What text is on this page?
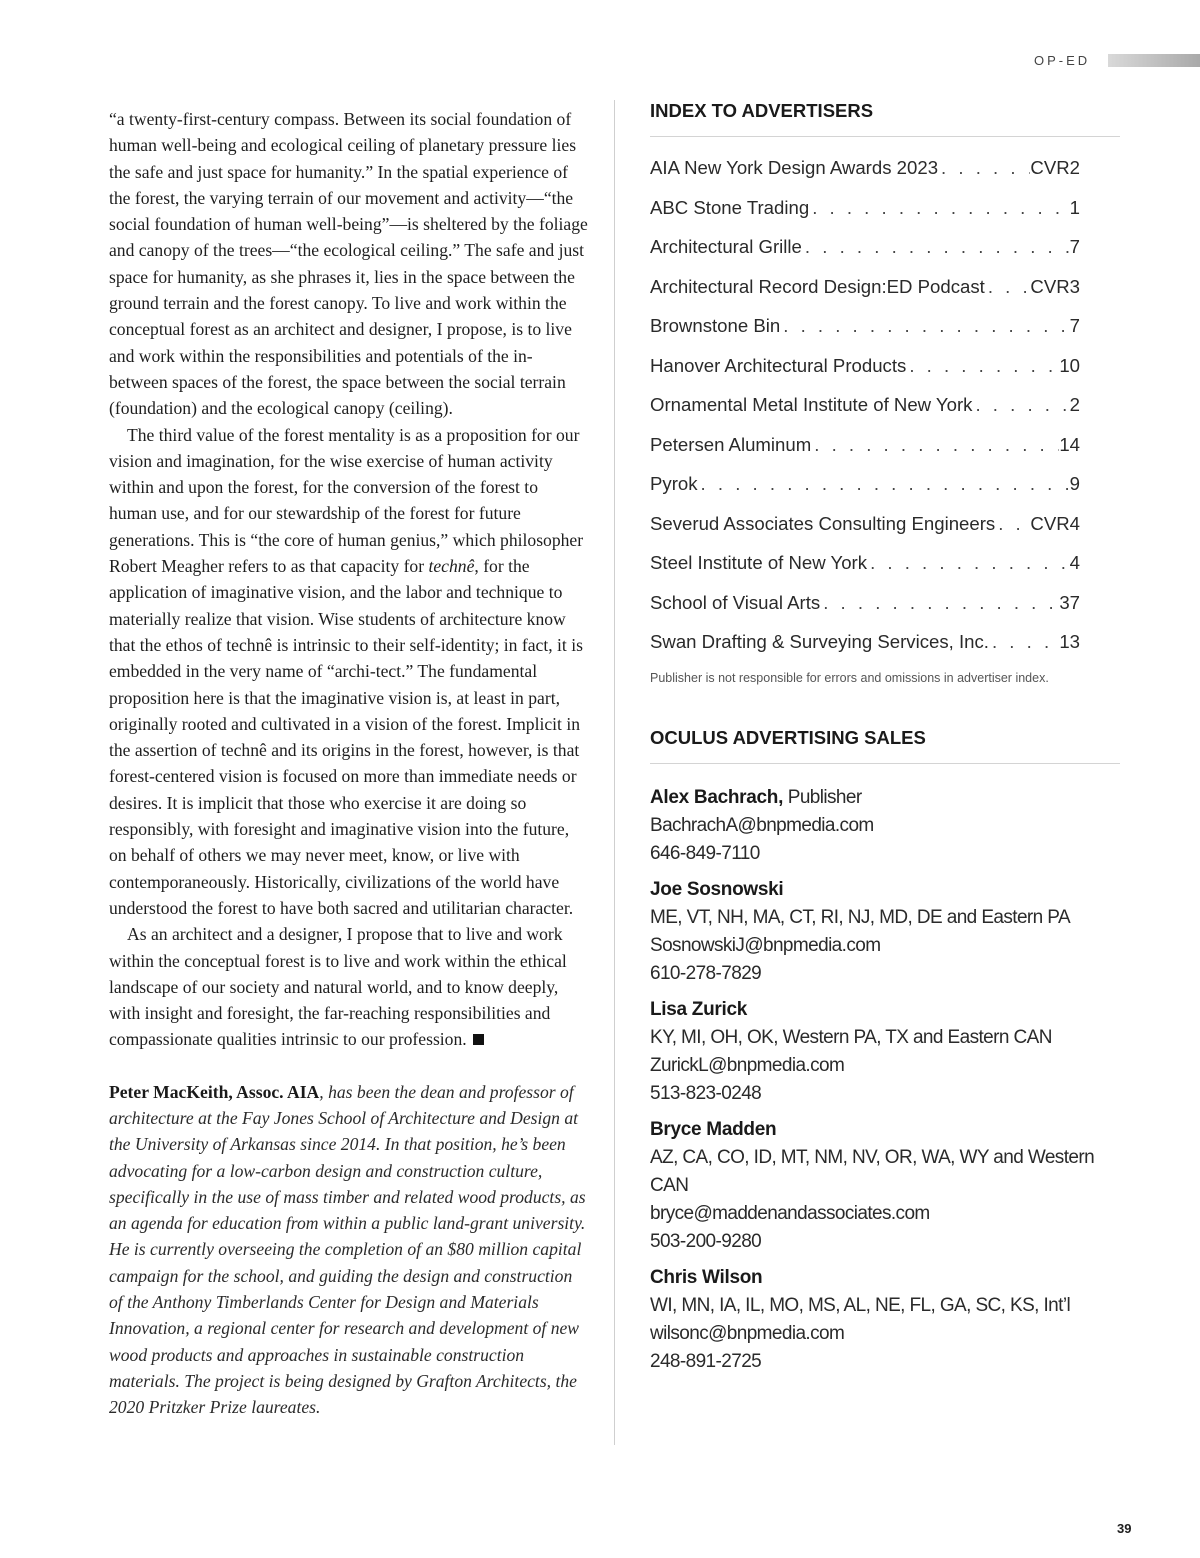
OP-ED

“a twenty-first-century compass. Between its social foundation of human well-being and ecological ceiling of planetary pressure lies the safe and just space for humanity.” In the spatial experience of the forest, the varying terrain of our movement and activity—“the social foundation of human well-being”—is sheltered by the foliage and canopy of the trees—“the ecological ceiling.” The safe and just space for humanity, as she phrases it, lies in the space between the ground terrain and the forest canopy. To live and work within the conceptual forest as an architect and designer, I propose, is to live and work within the responsibilities and potentials of the in-between spaces of the forest, the space between the social terrain (foundation) and the ecological canopy (ceiling).

The third value of the forest mentality is as a proposition for our vision and imagination, for the wise exercise of human activity within and upon the forest, for the conversion of the forest to human use, and for our stewardship of the forest for future generations. This is “the core of human genius,” which philosopher Robert Meagher refers to as that capacity for technê, for the application of imaginative vision, and the labor and technique to materially realize that vision. Wise students of architecture know that the ethos of technê is intrinsic to their self-identity; in fact, it is embedded in the very name of “archi-tect.” The fundamental proposition here is that the imaginative vision is, at least in part, originally rooted and cultivated in a vision of the forest. Implicit in the assertion of technê and its origins in the forest, however, is that forest-centered vision is focused on more than immediate needs or desires. It is implicit that those who exercise it are doing so responsibly, with foresight and imaginative vision into the future, on behalf of others we may never meet, know, or live with contemporaneously. Historically, civilizations of the world have understood the forest to have both sacred and utilitarian character.

As an architect and a designer, I propose that to live and work within the conceptual forest is to live and work within the ethical landscape of our society and natural world, and to know deeply, with insight and foresight, the far-reaching responsibilities and compassionate qualities intrinsic to our profession.

Peter MacKeith, Assoc. AIA, has been the dean and professor of architecture at the Fay Jones School of Architecture and Design at the University of Arkansas since 2014. In that position, he’s been advocating for a low-carbon design and construction culture, specifically in the use of mass timber and related wood products, as an agenda for education from within a public land-grant university. He is currently overseeing the completion of an $80 million capital campaign for the school, and guiding the design and construction of the Anthony Timberlands Center for Design and Materials Innovation, a regional center for research and development of new wood products and approaches in sustainable construction materials. The project is being designed by Grafton Architects, the 2020 Pritzker Prize laureates.

INDEX TO ADVERTISERS
AIA New York Design Awards 2023 . . .	CVR2
ABC Stone Trading . . .	1
Architectural Grille . . .	7
Architectural Record Design:ED Podcast . . . CVR3
Brownstone Bin . . .	7
Hanover Architectural Products . . .	10
Ornamental Metal Institute of New York . . .	2
Petersen Aluminum . . .	14
Pyrok . . .	9
Severud Associates Consulting Engineers . . . CVR4
Steel Institute of New York . . .	4
School of Visual Arts . . .	37
Swan Drafting & Surveying Services, Inc. . . .	13
Publisher is not responsible for errors and omissions in advertiser index.
OCULUS ADVERTISING SALES
Alex Bachrach, Publisher
BachrachA@bnpmedia.com
646-849-7110
Joe Sosnowski
ME, VT, NH, MA, CT, RI, NJ, MD, DE and Eastern PA
SosnowskiJ@bnpmedia.com
610-278-7829
Lisa Zurick
KY, MI, OH, OK, Western PA, TX and Eastern CAN
ZurickL@bnpmedia.com
513-823-0248
Bryce Madden
AZ, CA, CO, ID, MT, NM, NV, OR, WA, WY and Western CAN
bryce@maddenandassociates.com
503-200-9280
Chris Wilson
WI, MN, IA, IL, MO, MS, AL, NE, FL, GA, SC, KS, Int’l
wilsonc@bnpmedia.com
248-891-2725
39
